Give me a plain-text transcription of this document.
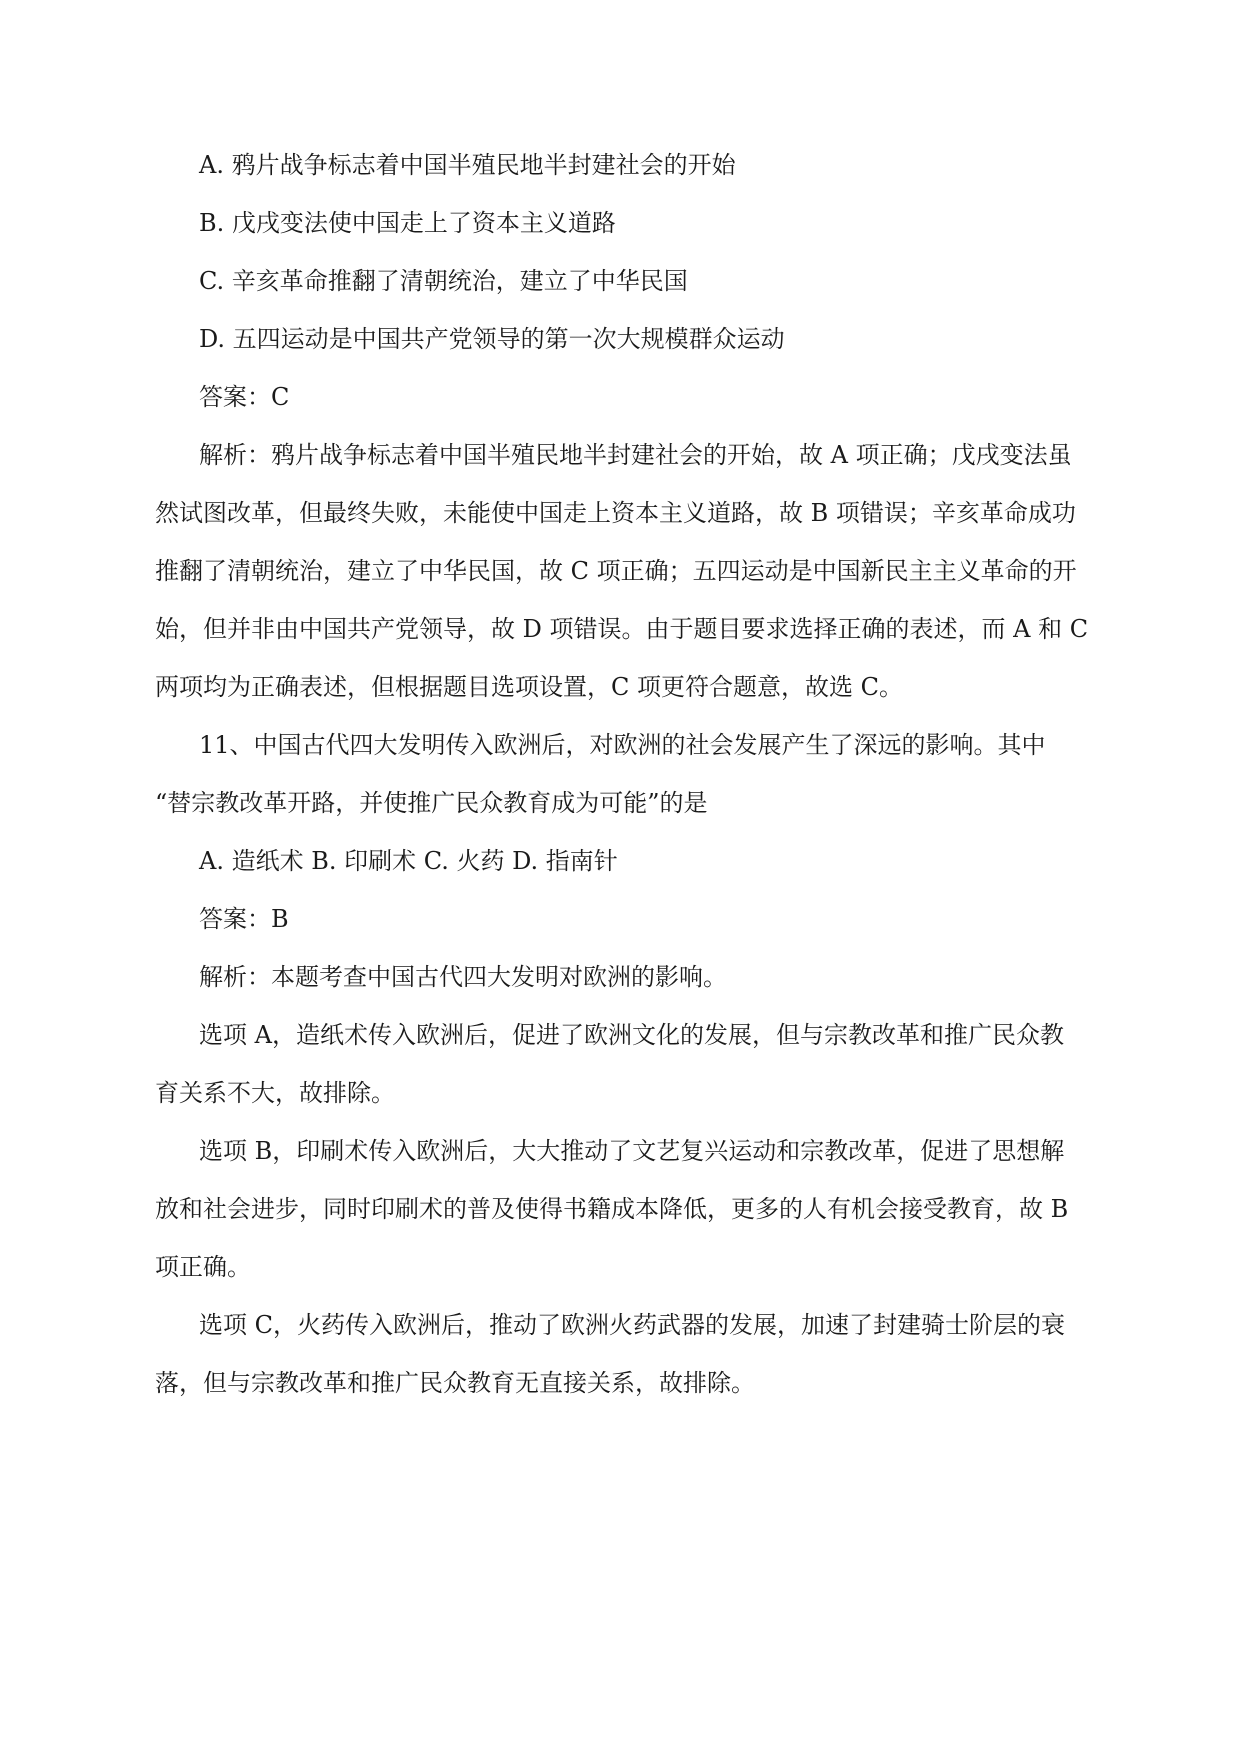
A. 鸦片战争标志着中国半殖民地半封建社会的开始
B. 戊戌变法使中国走上了资本主义道路
C. 辛亥革命推翻了清朝统治，建立了中华民国
D. 五四运动是中国共产党领导的第一次大规模群众运动
答案：C
解析：鸦片战争标志着中国半殖民地半封建社会的开始，故 A 项正确；戊戌变法虽
然试图改革，但最终失败，未能使中国走上资本主义道路，故 B 项错误；辛亥革命成功
推翻了清朝统治，建立了中华民国，故 C 项正确；五四运动是中国新民主主义革命的开
始，但并非由中国共产党领导，故 D 项错误。由于题目要求选择正确的表述，而 A 和 C
两项均为正确表述，但根据题目选项设置，C 项更符合题意，故选 C。
11、中国古代四大发明传入欧洲后，对欧洲的社会发展产生了深远的影响。其中
“替宗教改革开路，并使推广民众教育成为可能”的是
A. 造纸术 B. 印刷术 C. 火药 D. 指南针
答案：B
解析：本题考查中国古代四大发明对欧洲的影响。
选项 A，造纸术传入欧洲后，促进了欧洲文化的发展，但与宗教改革和推广民众教
育关系不大，故排除。
选项 B，印刷术传入欧洲后，大大推动了文艺复兴运动和宗教改革，促进了思想解
放和社会进步，同时印刷术的普及使得书籍成本降低，更多的人有机会接受教育，故 B
项正确。
选项 C，火药传入欧洲后，推动了欧洲火药武器的发展，加速了封建骑士阶层的衰
落，但与宗教改革和推广民众教育无直接关系，故排除。
